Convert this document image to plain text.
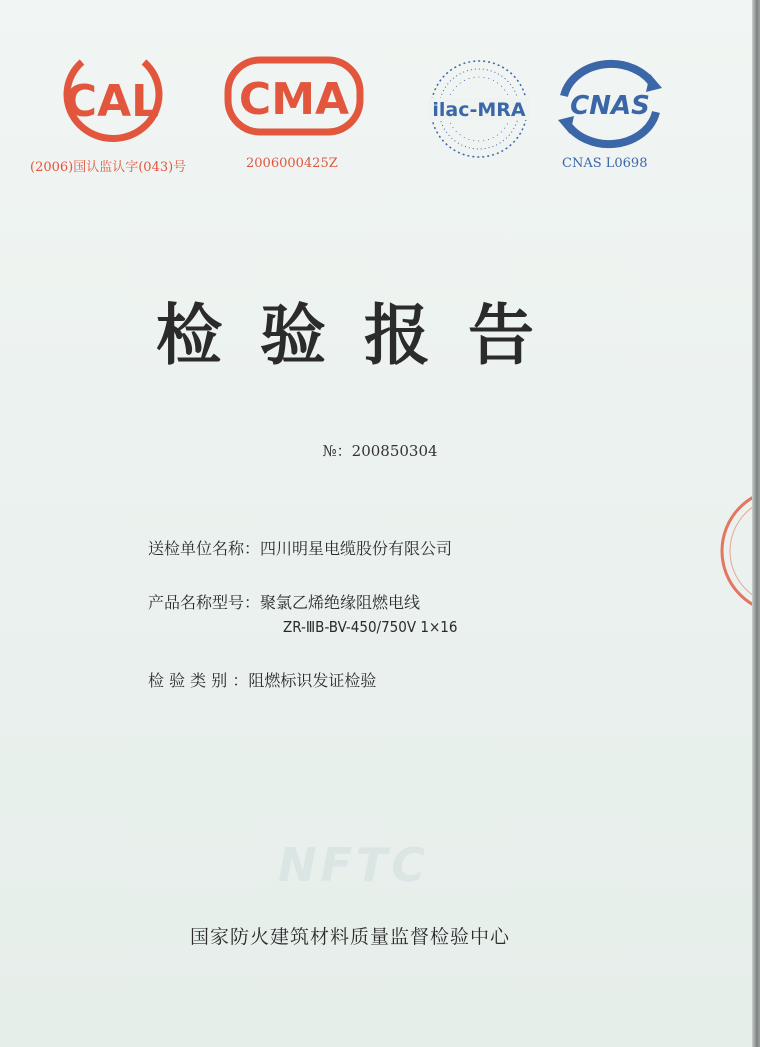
CAL
(2006)国认监认字(043)号
CMA
2006000425Z
ilac-MRA CNAS
CNAS L0698
检验报告
№：200850304
送检单位名称：四川明星电缆股份有限公司
产品名称型号：聚氯乙烯绝缘阻燃电线
ZR-ⅢB-BV-450/750V 1×16
检 验 类 别 ：阻燃标识发证检验
NFTC
国家防火建筑材料质量监督检验中心
